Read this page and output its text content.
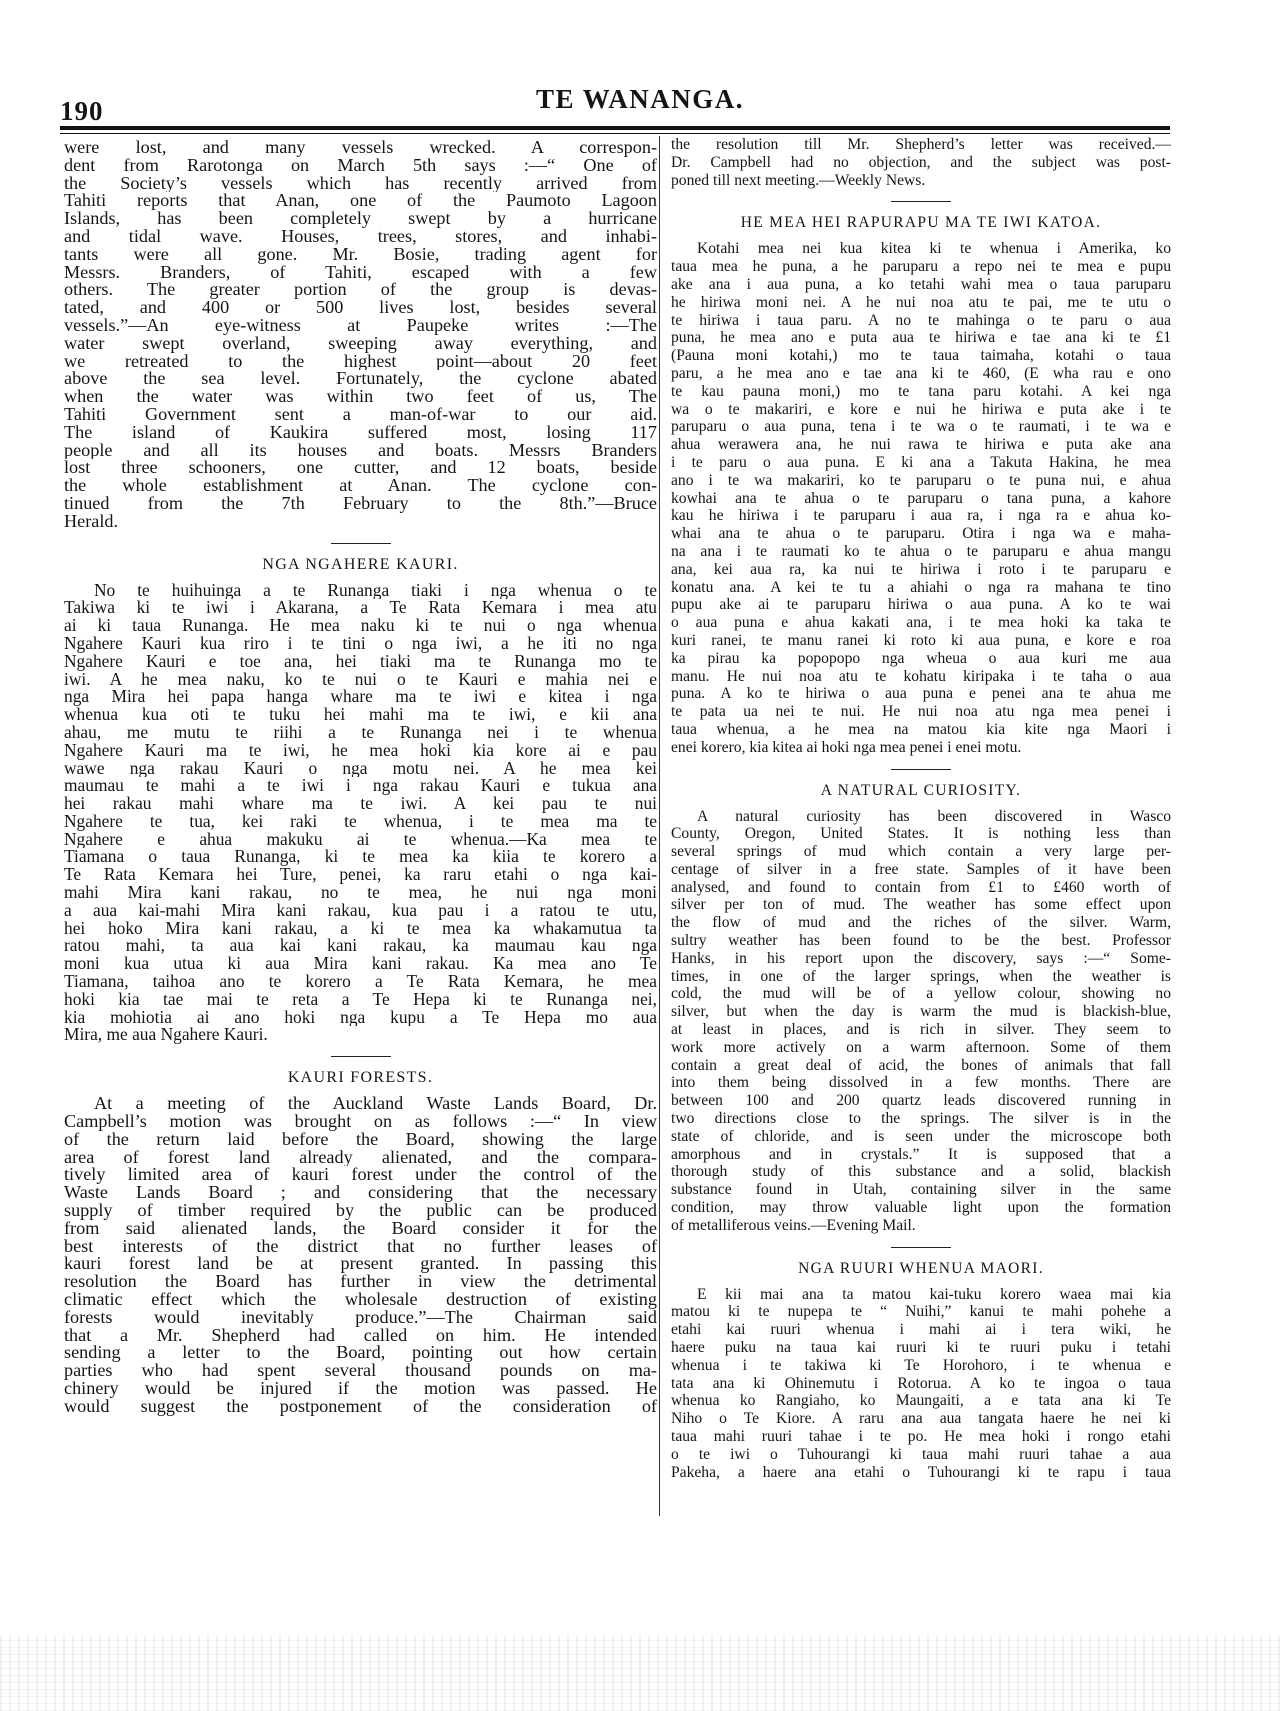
190	TE WANANGA.
were lost, and many vessels wrecked. A correspon-
dent from Rarotonga on March 5th says :—“ One of
the Society’s vessels which has recently arrived from
Tahiti reports that Anan, one of the Paumoto Lagoon
Islands, has been completely swept by a hurricane
and tidal wave. Houses, trees, stores, and inhabi-
tants were all gone. Mr. Bosie, trading agent for
Messrs. Branders, of Tahiti, escaped with a few
others. The greater portion of the group is devas-
tated, and 400 or 500 lives lost, besides several
vessels.”—An eye-witness at Paupeke writes :—The
water swept overland, sweeping away everything, and
we retreated to the highest point—about 20 feet
above the sea level. Fortunately, the cyclone abated
when the water was within two feet of us, The
Tahiti Government sent a man-of-war to our aid.
The island of Kaukira suffered most, losing 117
people and all its houses and boats. Messrs Branders
lost three schooners, one cutter, and 12 boats, beside
the whole establishment at Anan. The cyclone con-
tinued from the 7th February to the 8th.”—Bruce
Herald.
NGA NGAHERE KAURI.
No te huihuinga a te Runanga tiaki i nga whenua o te
Takiwa ki te iwi i Akarana, a Te Rata Kemara i mea atu
ai ki taua Runanga. He mea naku ki te nui o nga whenua
Ngahere Kauri kua riro i te tini o nga iwi, a he iti no nga
Ngahere Kauri e toe ana, hei tiaki ma te Runanga mo te
iwi. A he mea naku, ko te nui o te Kauri e mahia nei e
nga Mira hei papa hanga whare ma te iwi e kitea i nga
whenua kua oti te tuku hei mahi ma te iwi, e kii ana
ahau, me mutu te riihi a te Runanga nei i te whenua
Ngahere Kauri ma te iwi, he mea hoki kia kore ai e pau
wawe nga rakau Kauri o nga motu nei. A he mea kei
maumau te mahi a te iwi i nga rakau Kauri e tukua ana
hei rakau mahi whare ma te iwi. A kei pau te nui
Ngahere te tua, kei raki te whenua, i te mea ma te
Ngahere e ahua makuku ai te whenua.—Ka mea te
Tiamana o taua Runanga, ki te mea ka kiia te korero a
Te Rata Kemara hei Ture, penei, ka raru etahi o nga kai-
mahi Mira kani rakau, no te mea, he nui nga moni
a aua kai-mahi Mira kani rakau, kua pau i a ratou te utu,
hei hoko Mira kani rakau, a ki te mea ka whakamutua ta
ratou mahi, ta aua kai kani rakau, ka maumau kau nga
moni kua utua ki aua Mira kani rakau. Ka mea ano Te
Tiamana, taihoa ano te korero a Te Rata Kemara, he mea
hoki kia tae mai te reta a Te Hepa ki te Runanga nei,
kia mohiotia ai ano hoki nga kupu a Te Hepa mo aua
Mira, me aua Ngahere Kauri.
KAURI FORESTS.
At a meeting of the Auckland Waste Lands Board, Dr.
Campbell’s motion was brought on as follows :—“ In view
of the return laid before the Board, showing the large
area of forest land already alienated, and the compara-
tively limited area of kauri forest under the control of the
Waste Lands Board ; and considering that the necessary
supply of timber required by the public can be produced
from said alienated lands, the Board consider it for the
best interests of the district that no further leases of
kauri forest land be at present granted. In passing this
resolution the Board has further in view the detrimental
climatic effect which the wholesale destruction of existing
forests would inevitably produce.”—The Chairman said
that a Mr. Shepherd had called on him. He intended
sending a letter to the Board, pointing out how certain
parties who had spent several thousand pounds on ma-
chinery would be injured if the motion was passed. He
would suggest the postponement of the consideration of
the resolution till Mr. Shepherd’s letter was received.—
Dr. Campbell had no objection, and the subject was post-
poned till next meeting.—Weekly News.
HE MEA HEI RAPURAPU MA TE IWI KATOA.
Kotahi mea nei kua kitea ki te whenua i Amerika, ko
taua mea he puna, a he paruparu a repo nei te mea e pupu
ake ana i aua puna, a ko tetahi wahi mea o taua paruparu
he hiriwa moni nei. A he nui noa atu te pai, me te utu o
te hiriwa i taua paru. A no te mahinga o te paru o aua
puna, he mea ano e puta aua te hiriwa e tae ana ki te £1
(Pauna moni kotahi,) mo te taua taimaha, kotahi o taua
paru, a he mea ano e tae ana ki te 460, (E wha rau e ono
te kau pauna moni,) mo te tana paru kotahi. A kei nga
wa o te makariri, e kore e nui he hiriwa e puta ake i te
paruparu o aua puna, tena i te wa o te raumati, i te wa e
ahua werawera ana, he nui rawa te hiriwa e puta ake ana
i te paru o aua puna. E ki ana a Takuta Hakina, he mea
ano i te wa makariri, ko te paruparu o te puna nui, e ahua
kowhai ana te ahua o te paruparu o tana puna, a kahore
kau he hiriwa i te paruparu i aua ra, i nga ra e ahua ko-
whai ana te ahua o te paruparu. Otira i nga wa e maha-
na ana i te raumati ko te ahua o te paruparu e ahua mangu
ana, kei aua ra, ka nui te hiriwa i roto i te paruparu e
konatu ana. A kei te tu a ahiahi o nga ra mahana te tino
pupu ake ai te paruparu hiriwa o aua puna. A ko te wai
o aua puna e ahua kakati ana, i te mea hoki ka taka te
kuri ranei, te manu ranei ki roto ki aua puna, e kore e roa
ka pirau ka popopopo nga wheua o aua kuri me aua
manu. He nui noa atu te kohatu kiripaka i te taha o aua
puna. A ko te hiriwa o aua puna e penei ana te ahua me
te pata ua nei te nui. He nui noa atu nga mea penei i
taua whenua, a he mea na matou kia kite nga Maori i
enei korero, kia kitea ai hoki nga mea penei i enei motu.
A NATURAL CURIOSITY.
A natural curiosity has been discovered in Wasco
County, Oregon, United States. It is nothing less than
several springs of mud which contain a very large per-
centage of silver in a free state. Samples of it have been
analysed, and found to contain from £1 to £460 worth of
silver per ton of mud. The weather has some effect upon
the flow of mud and the riches of the silver. Warm,
sultry weather has been found to be the best. Professor
Hanks, in his report upon the discovery, says :—“ Some-
times, in one of the larger springs, when the weather is
cold, the mud will be of a yellow colour, showing no
silver, but when the day is warm the mud is blackish-blue,
at least in places, and is rich in silver. They seem to
work more actively on a warm afternoon. Some of them
contain a great deal of acid, the bones of animals that fall
into them being dissolved in a few months. There are
between 100 and 200 quartz leads discovered running in
two directions close to the springs. The silver is in the
state of chloride, and is seen under the microscope both
amorphous and in crystals.” It is supposed that a
thorough study of this substance and a solid, blackish
substance found in Utah, containing silver in the same
condition, may throw valuable light upon the formation
of metalliferous veins.—Evening Mail.
NGA RUURI WHENUA MAORI.
E kii mai ana ta matou kai-tuku korero waea mai kia
matou ki te nupepa te “ Nuihi,” kanui te mahi pohehe a
etahi kai ruuri whenua i mahi ai i tera wiki, he
haere puku na taua kai ruuri ki te ruuri puku i tetahi
whenua i te takiwa ki Te Horohoro, i te whenua e
tata ana ki Ohinemutu i Rotorua. A ko te ingoa o taua
whenua ko Rangiaho, ko Maungaiti, a e tata ana ki Te
Niho o Te Kiore. A raru ana aua tangata haere he nei ki
taua mahi ruuri tahae i te po. He mea hoki i rongo etahi
o te iwi o Tuhourangi ki taua mahi ruuri tahae a aua
Pakeha, a haere ana etahi o Tuhourangi ki te rapu i taua
